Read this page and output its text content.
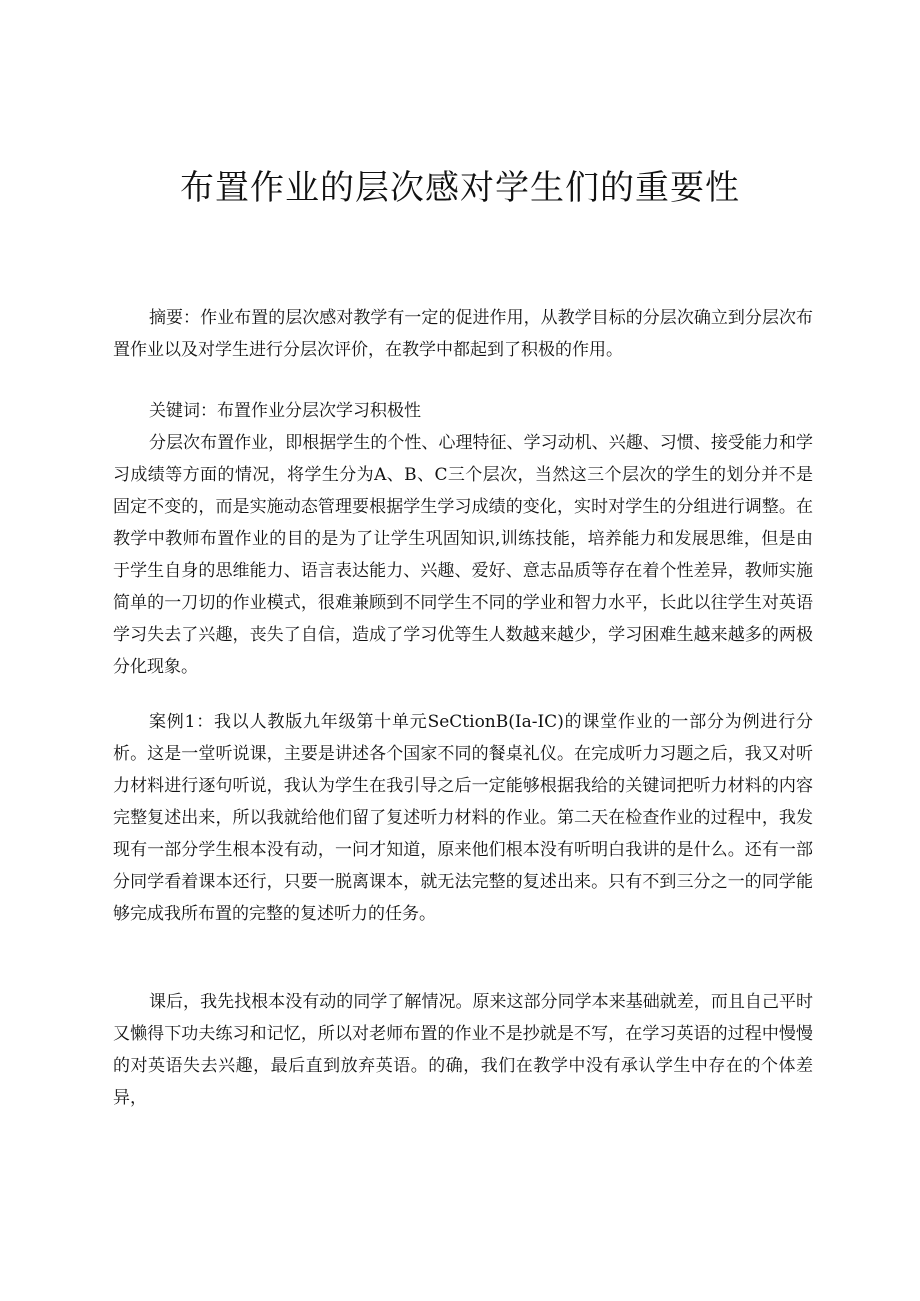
布置作业的层次感对学生们的重要性

摘要：作业布置的层次感对教学有一定的促进作用，从教学目标的分层次确立到分层次布置作业以及对学生进行分层次评价，在教学中都起到了积极的作用。

关键词：布置作业分层次学习积极性

分层次布置作业，即根据学生的个性、心理特征、学习动机、兴趣、习惯、接受能力和学习成绩等方面的情况，将学生分为A、B、C三个层次，当然这三个层次的学生的划分并不是固定不变的，而是实施动态管理要根据学生学习成绩的变化，实时对学生的分组进行调整。在教学中教师布置作业的目的是为了让学生巩固知识,训练技能，培养能力和发展思维，但是由于学生自身的思维能力、语言表达能力、兴趣、爱好、意志品质等存在着个性差异，教师实施简单的一刀切的作业模式，很难兼顾到不同学生不同的学业和智力水平，长此以往学生对英语学习失去了兴趣，丧失了自信，造成了学习优等生人数越来越少，学习困难生越来越多的两极分化现象。

案例1：我以人教版九年级第十单元SeCtionB(Ia-IC)的课堂作业的一部分为例进行分析。这是一堂听说课，主要是讲述各个国家不同的餐桌礼仪。在完成听力习题之后，我又对听力材料进行逐句听说，我认为学生在我引导之后一定能够根据我给的关键词把听力材料的内容完整复述出来，所以我就给他们留了复述听力材料的作业。第二天在检查作业的过程中，我发现有一部分学生根本没有动，一问才知道，原来他们根本没有听明白我讲的是什么。还有一部分同学看着课本还行，只要一脱离课本，就无法完整的复述出来。只有不到三分之一的同学能够完成我所布置的完整的复述听力的任务。

课后，我先找根本没有动的同学了解情况。原来这部分同学本来基础就差，而且自己平时又懒得下功夫练习和记忆，所以对老师布置的作业不是抄就是不写，在学习英语的过程中慢慢的对英语失去兴趣，最后直到放弃英语。的确，我们在教学中没有承认学生中存在的个体差异，
